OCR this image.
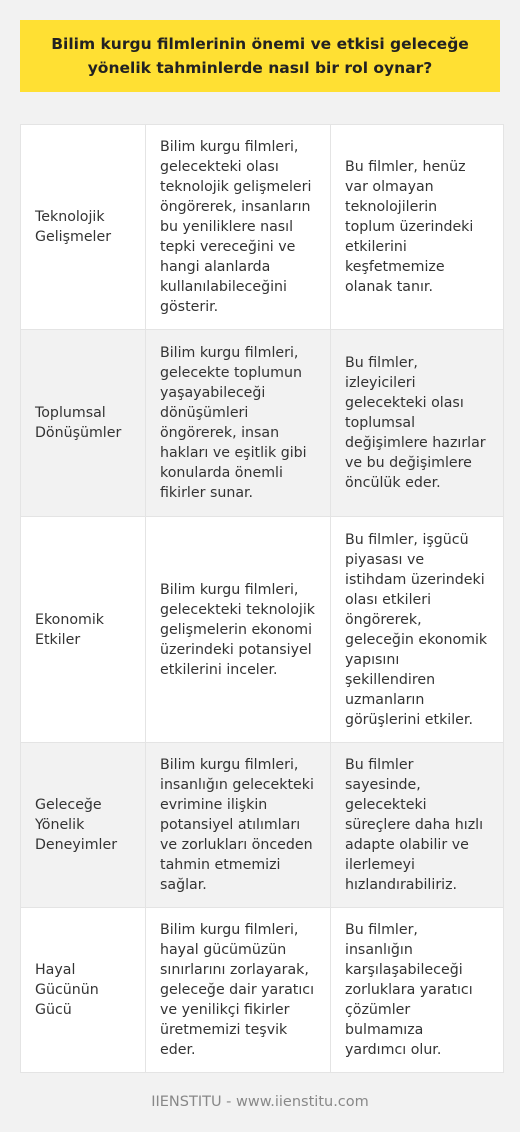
Bilim kurgu filmlerinin önemi ve etkisi geleceğe yönelik tahminlerde nasıl bir rol oynar?
Teknolojik Gelişmeler	Bilim kurgu filmleri, gelecekteki olası teknolojik gelişmeleri öngörerek, insanların bu yeniliklere nasıl tepki vereceğini ve hangi alanlarda kullanılabileceğini gösterir.	Bu filmler, henüz var olmayan teknolojilerin toplum üzerindeki etkilerini keşfetmemize olanak tanır.
Toplumsal Dönüşümler	Bilim kurgu filmleri, gelecekte toplumun yaşayabileceği dönüşümleri öngörerek, insan hakları ve eşitlik gibi konularda önemli fikirler sunar.	Bu filmler, izleyicileri gelecekteki olası toplumsal değişimlere hazırlar ve bu değişimlere öncülük eder.
Ekonomik Etkiler	Bilim kurgu filmleri, gelecekteki teknolojik gelişmelerin ekonomi üzerindeki potansiyel etkilerini inceler.	Bu filmler, işgücü piyasası ve istihdam üzerindeki olası etkileri öngörerek, geleceğin ekonomik yapısını şekillendiren uzmanların görüşlerini etkiler.
Geleceğe Yönelik Deneyimler	Bilim kurgu filmleri, insanlığın gelecekteki evrimine ilişkin potansiyel atılımları ve zorlukları önceden tahmin etmemizi sağlar.	Bu filmler sayesinde, gelecekteki süreçlere daha hızlı adapte olabilir ve ilerlemeyi hızlandırabiliriz.
Hayal Gücünün Gücü	Bilim kurgu filmleri, hayal gücümüzün sınırlarını zorlayarak, geleceğe dair yaratıcı ve yenilikçi fikirler üretmemizi teşvik eder.	Bu filmler, insanlığın karşılaşabileceği zorluklara yaratıcı çözümler bulmamıza yardımcı olur.
IIENSTITU - www.iienstitu.com
